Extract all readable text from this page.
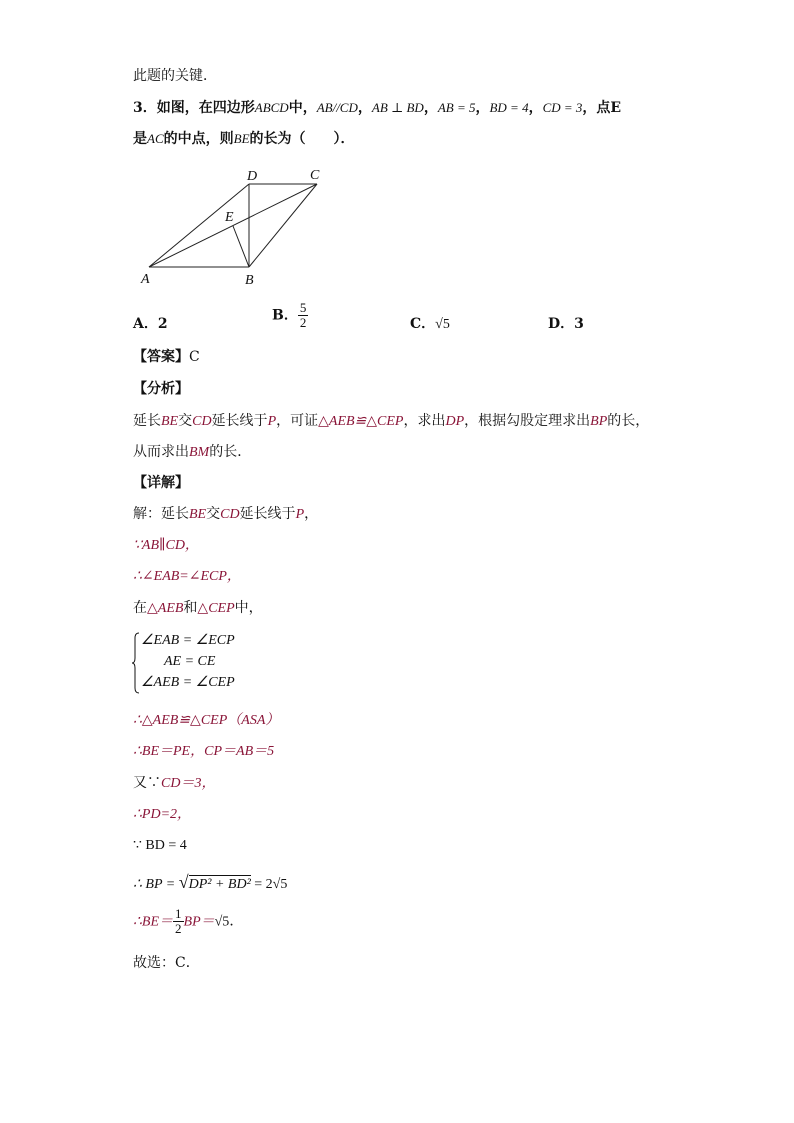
此题的关键．
3．如图，在四边形ABCD中，AB//CD，AB ⊥ BD，AB = 5，BD = 4，CD = 3，点E
是AC的中点，则BE的长为（　　）．
A	B
C
D
E
A．2
B． $\frac{5}{2}$	C．√5	D．3
【答案】C
【分析】
延长BE交CD延长线于P，可证△AEB≌△CEP，求出DP，根据勾股定理求出BP的长，
从而求出BM的长．
【详解】
解：延长BE交CD延长线于P，
∵AB∥CD，
∴∠EAB=∠ECP，
在△AEB和△CEP中，
∠EAB = ∠ECP
AE = CE
∠AEB = ∠CEP
∴△AEB≌△CEP（ASA）
∴BE＝PE，CP＝AB＝5
又∵CD＝3，
∴PD=2，
∵ BD = 4
∴ BP = √DP² + BD² = 2√5
∴BE＝ $\frac{1}{2} BP=√5$．
故选：C．
